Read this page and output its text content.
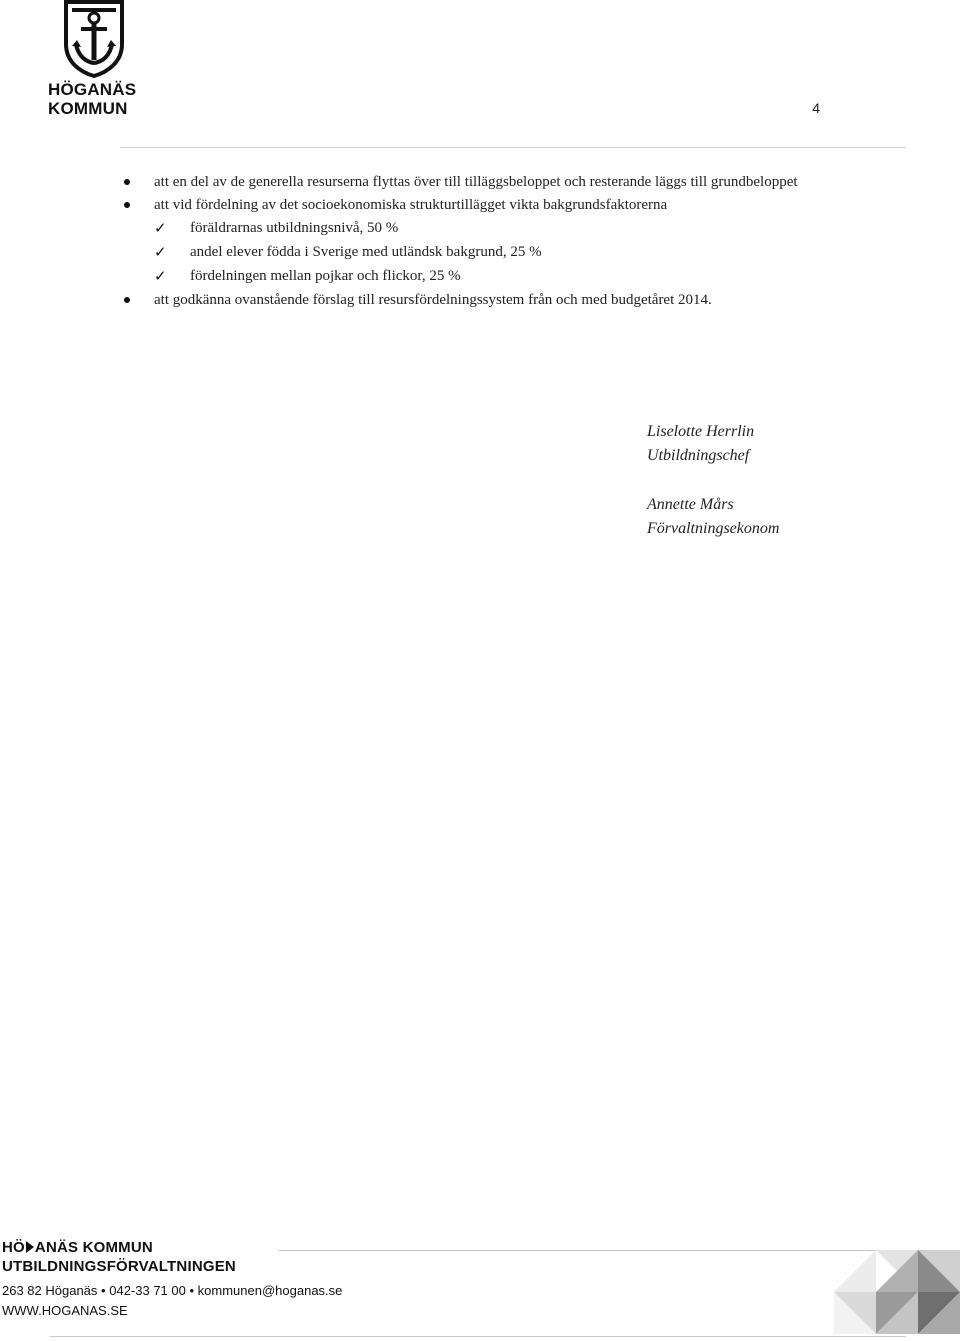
HÖGANÄS
KOMMUN	4
att en del av de generella resurserna flyttas över till tilläggsbeloppet och resterande läggs till grundbeloppet
att vid fördelning av det socioekonomiska strukturtillägget vikta bakgrundsfaktorerna
✓ föräldrarnas utbildningsnivå, 50 %
✓ andel elever födda i Sverige med utländsk bakgrund, 25 %
✓ fördelningen mellan pojkar och flickor, 25 %
att godkänna ovanstående förslag till resursfördelningssystem från och med budgetåret 2014.
Liselotte Herrlin
Utbildningschef
Annette Mårs
Förvaltningsekonom
HÖ ANÄS KOMMUN
UTBILDNINGSFÖRVALTNINGEN
263 82 Höganäs • 042-33 71 00 • kommunen@hoganas.se
WWW.HOGANAS.SE
